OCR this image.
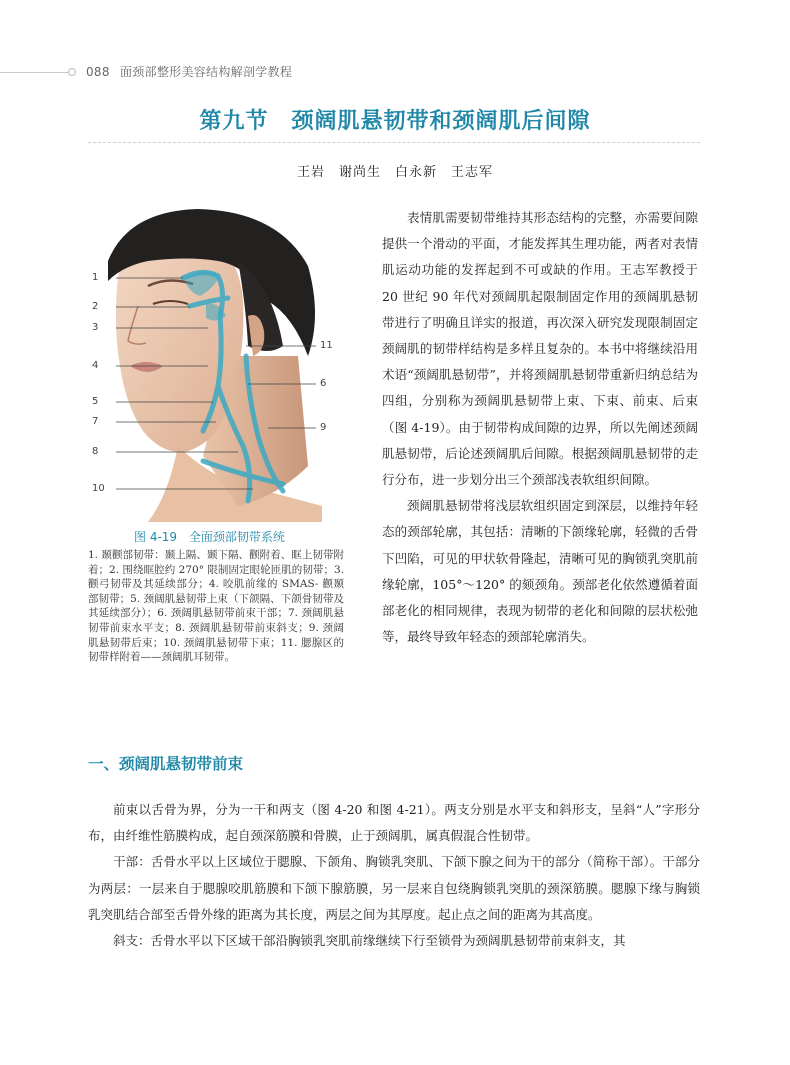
088 面颈部整形美容结构解剖学教程
第九节　颈阔肌悬韧带和颈阔肌后间隙
王岩　谢尚生　白永新　王志军
1
2
3
4
5
7
8
10
11
6
9
图 4-19 全面颈部韧带系统
1. 颞颧部韧带：颞上隔、颞下隔、颧附着、眶上韧带附着；2. 围绕眶腔约 270° 限制固定眼轮匝肌的韧带；3. 颧弓韧带及其延续部分；4. 咬肌前缘的 SMAS- 颧颞部韧带；5. 颈阔肌悬韧带上束（下颌隔、下颌骨韧带及其延续部分）；6. 颈阔肌悬韧带前束干部；7. 颈阔肌悬韧带前束水平支；8. 颈阔肌悬韧带前束斜支；9. 颈阔肌悬韧带后束；10. 颈阔肌悬韧带下束；11. 腮腺区的韧带样附着——颈阔肌耳韧带。

表情肌需要韧带维持其形态结构的完整，亦需要间隙提供一个滑动的平面，才能发挥其生理功能，两者对表情肌运动功能的发挥起到不可或缺的作用。王志军教授于 20 世纪 90 年代对颈阔肌起限制固定作用的颈阔肌悬韧带进行了明确且详实的报道，再次深入研究发现限制固定颈阔肌的韧带样结构是多样且复杂的。本书中将继续沿用术语“颈阔肌悬韧带”，并将颈阔肌悬韧带重新归纳总结为四组，分别称为颈阔肌悬韧带上束、下束、前束、后束（图 4-19）。由于韧带构成间隙的边界，所以先阐述颈阔肌悬韧带，后论述颈阔肌后间隙。根据颈阔肌悬韧带的走行分布，进一步划分出三个颈部浅表软组织间隙。

颈阔肌悬韧带将浅层软组织固定到深层，以维持年轻态的颈部轮廓，其包括：清晰的下颌缘轮廓，轻微的舌骨下凹陷，可见的甲状软骨隆起，清晰可见的胸锁乳突肌前缘轮廓，105°～120° 的颏颈角。颈部老化依然遵循着面部老化的相同规律，表现为韧带的老化和间隙的层状松弛等，最终导致年轻态的颈部轮廓消失。

一、颈阔肌悬韧带前束

前束以舌骨为界，分为一干和两支（图 4-20 和图 4-21）。两支分别是水平支和斜形支，呈斜“人”字形分布，由纤维性筋膜构成，起自颈深筋膜和骨膜，止于颈阔肌，属真假混合性韧带。

干部：舌骨水平以上区域位于腮腺、下颌角、胸锁乳突肌、下颌下腺之间为干的部分（简称干部）。干部分为两层：一层来自于腮腺咬肌筋膜和下颌下腺筋膜，另一层来自包绕胸锁乳突肌的颈深筋膜。腮腺下缘与胸锁乳突肌结合部至舌骨外缘的距离为其长度，两层之间为其厚度。起止点之间的距离为其高度。

斜支：舌骨水平以下区域干部沿胸锁乳突肌前缘继续下行至锁骨为颈阔肌悬韧带前束斜支，其
